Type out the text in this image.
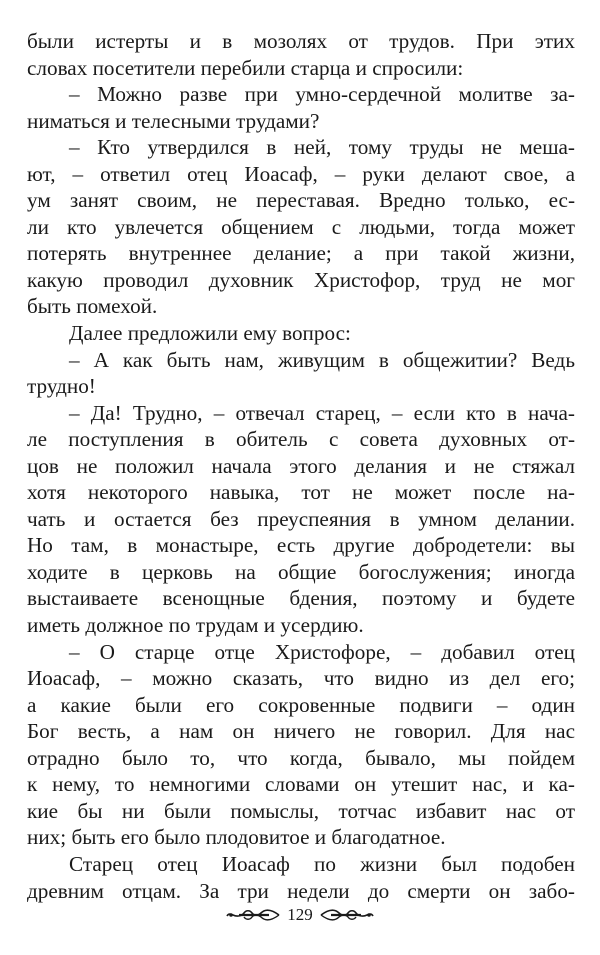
были истерты и в мозолях от трудов. При этих
словах посетители перебили старца и спросили:
– Можно разве при умно-сердечной молитве за-
ниматься и телесными трудами?
– Кто утвердился в ней, тому труды не меша-
ют, – ответил отец Иоасаф, – руки делают свое, а
ум занят своим, не переставая. Вредно только, ес-
ли кто увлечется общением с людьми, тогда может
потерять внутреннее делание; а при такой жизни,
какую проводил духовник Христофор, труд не мог
быть помехой.
Далее предложили ему вопрос:
– А как быть нам, живущим в общежитии? Ведь
трудно!
– Да! Трудно, – отвечал старец, – если кто в нача-
ле поступления в обитель с совета духовных от-
цов не положил начала этого делания и не стяжал
хотя некоторого навыка, тот не может после на-
чать и остается без преуспеяния в умном делании.
Но там, в монастыре, есть другие добродетели: вы
ходите в церковь на общие богослужения; иногда
выстаиваете всенощные бдения, поэтому и будете
иметь должное по трудам и усердию.
– О старце отце Христофоре, – добавил отец
Иоасаф, – можно сказать, что видно из дел его;
а какие были его сокровенные подвиги – один
Бог весть, а нам он ничего не говорил. Для нас
отрадно было то, что когда, бывало, мы пойдем
к нему, то немногими словами он утешит нас, и ка-
кие бы ни были помыслы, тотчас избавит нас от
них; быть его было плодовитое и благодатное.
Старец отец Иоасаф по жизни был подобен
древним отцам. За три недели до смерти он забо-
129
